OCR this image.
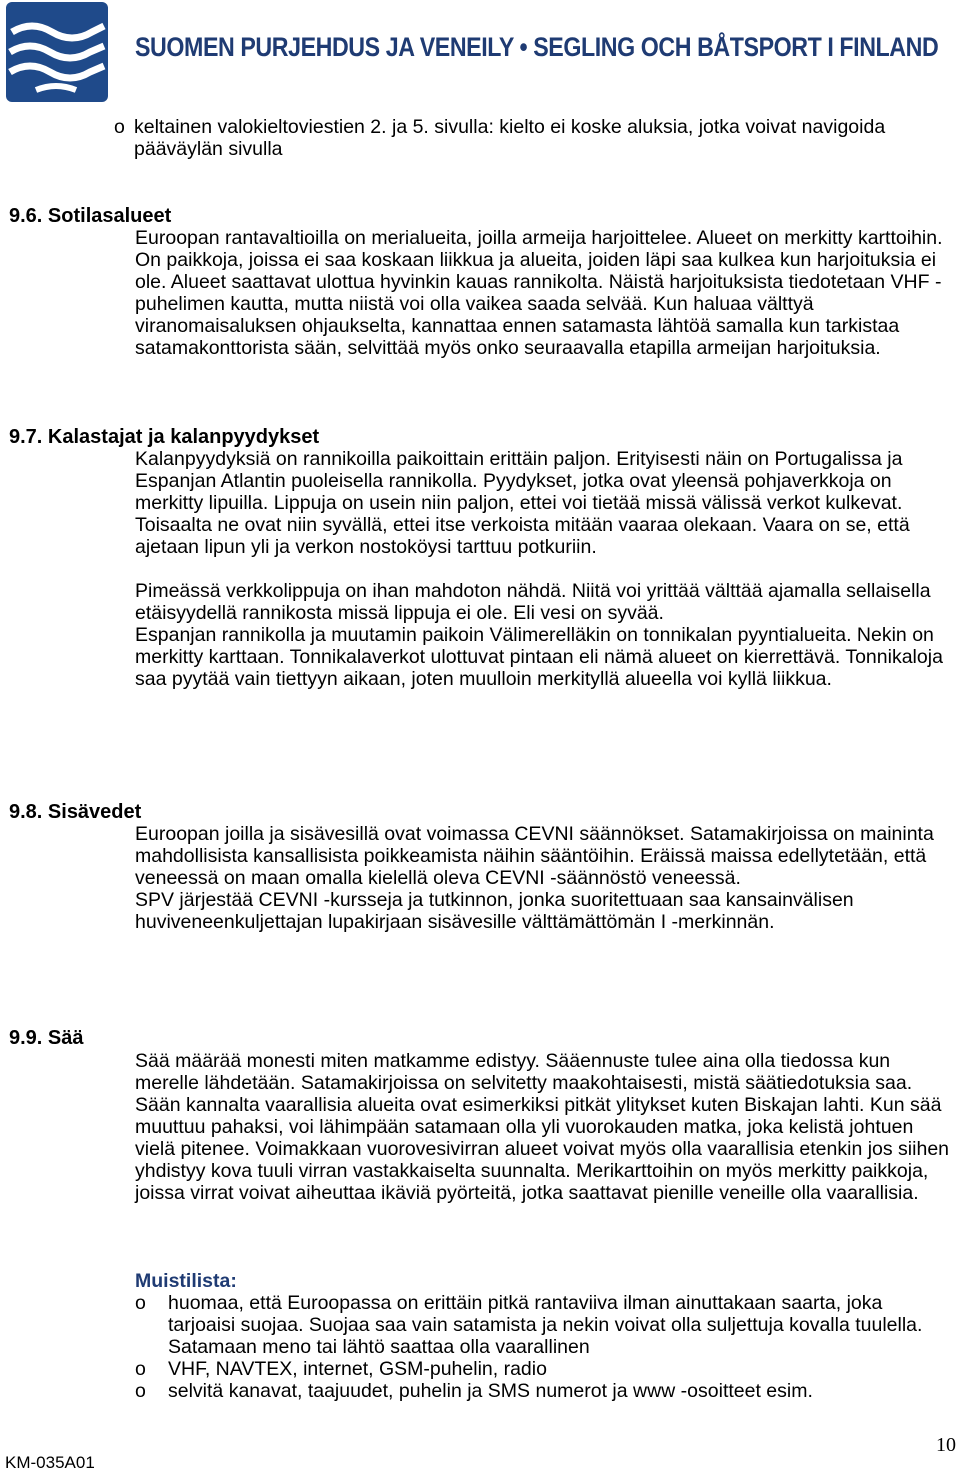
SUOMEN PURJEHDUS JA VENEILY • SEGLING OCH BÅTSPORT I FINLAND
o keltainen valokieltoviestien 2. ja 5. sivulla: kielto ei koske aluksia, jotka voivat navigoida pääväylän sivulla
9.6. Sotilasalueet

Euroopan rantavaltioilla on merialueita, joilla armeija harjoittelee. Alueet on merkitty karttoihin. On paikkoja, joissa ei saa koskaan liikkua ja alueita, joiden läpi saa kulkea kun harjoituksia ei ole. Alueet saattavat ulottua hyvinkin kauas rannikolta. Näistä harjoituksista tiedotetaan VHF -puhelimen kautta, mutta niistä voi olla vaikea saada selvää. Kun haluaa välttyä viranomaisaluksen ohjaukselta, kannattaa ennen satamasta lähtöä samalla kun tarkistaa satamakonttorista sään, selvittää myös onko seuraavalla etapilla armeijan harjoituksia.

9.7. Kalastajat ja kalanpyydykset

Kalanpyydyksiä on rannikoilla paikoittain erittäin paljon. Erityisesti näin on Portugalissa ja Espanjan Atlantin puoleisella rannikolla. Pyydykset, jotka ovat yleensä pohjaverkkoja on merkitty lipuilla. Lippuja on usein niin paljon, ettei voi tietää missä välissä verkot kulkevat. Toisaalta ne ovat niin syvällä, ettei itse verkoista mitään vaaraa olekaan. Vaara on se, että ajetaan lipun yli ja verkon nostoköysi tarttuu potkuriin.

Pimeässä verkkolippuja on ihan mahdoton nähdä. Niitä voi yrittää välttää ajamalla sellaisella etäisyydellä rannikosta missä lippuja ei ole. Eli vesi on syvää.

Espanjan rannikolla ja muutamin paikoin Välimerelläkin on tonnikalan pyyntialueita. Nekin on merkitty karttaan. Tonnikalaverkot ulottuvat pintaan eli nämä alueet on kierrettävä. Tonnikaloja saa pyytää vain tiettyyn aikaan, joten muulloin merkityllä alueella voi kyllä liikkua.

9.8. Sisävedet

Euroopan joilla ja sisävesillä ovat voimassa CEVNI säännökset. Satamakirjoissa on maininta mahdollisista kansallisista poikkeamista näihin sääntöihin. Eräissä maissa edellytetään, että veneessä on maan omalla kielellä oleva CEVNI -säännöstö veneessä.

SPV järjestää CEVNI -kursseja ja tutkinnon, jonka suoritettuaan saa kansainvälisen huviveneenkuljettajan lupakirjaan sisävesille välttämättömän I -merkinnän.

9.9. Sää

Sää määrää monesti miten matkamme edistyy. Sääennuste tulee aina olla tiedossa kun merelle lähdetään. Satamakirjoissa on selvitetty maakohtaisesti, mistä säätiedotuksia saa.

Sään kannalta vaarallisia alueita ovat esimerkiksi pitkät ylitykset kuten Biskajan lahti. Kun sää muuttuu pahaksi, voi lähimpään satamaan olla yli vuorokauden matka, joka kelistä johtuen vielä pitenee. Voimakkaan vuorovesivirran alueet voivat myös olla vaarallisia etenkin jos siihen yhdistyy kova tuuli virran vastakkaiselta suunnalta. Merikarttoihin on myös merkitty paikkoja, joissa virrat voivat aiheuttaa ikäviä pyörteitä, jotka saattavat pienille veneille olla vaarallisia.

Muistilista:
o huomaa, että Euroopassa on erittäin pitkä rantaviiva ilman ainuttakaan saarta, joka tarjoaisi suojaa. Suojaa saa vain satamista ja nekin voivat olla suljettuja kovalla tuulella. Satamaan meno tai lähtö saattaa olla vaarallinen
o VHF, NAVTEX, internet, GSM-puhelin, radio
o selvitä kanavat, taajuudet, puhelin ja SMS numerot ja www -osoitteet esim.
KM-035A01
10
